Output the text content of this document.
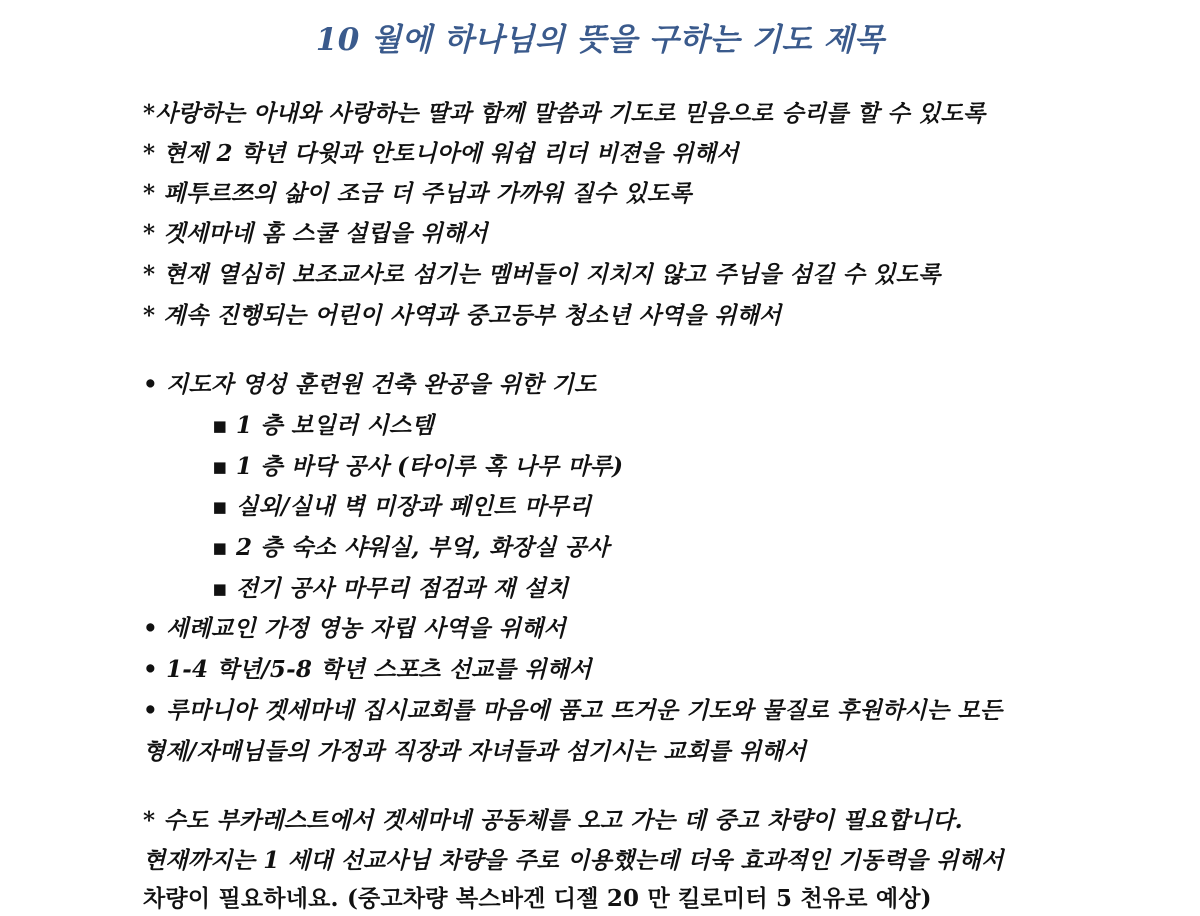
10 월에 하나님의 뜻을 구하는 기도 제목
*사랑하는 아내와 사랑하는 딸과 함께 말씀과 기도로 믿음으로 승리를 할 수 있도록
* 현제 2 학년 다윗과 안토니아에 워쉽 리더 비젼을 위해서
* 페투르쯔의 삶이 조금 더 주님과 가까워 질수 있도록
* 겟세마네 홈 스쿨 설립을 위해서
* 현재 열심히 보조교사로 섬기는 멤버들이 지치지 않고 주님을 섬길 수 있도록
* 계속 진행되는 어린이 사역과 중고등부 청소년 사역을 위해서
• 지도자 영성 훈련원 건축 완공을 위한 기도
▪ 1 층 보일러 시스템
▪ 1 층 바닥 공사 (타이루 혹 나무 마루)
▪ 실외/실내 벽 미장과 페인트 마무리
▪ 2 층 숙소 샤워실, 부엌, 화장실 공사
▪ 전기 공사 마무리 점검과 재 설치
• 세례교인 가정 영농 자립 사역을 위해서
• 1-4 학년/5-8 학년 스포츠 선교를 위해서
• 루마니아 겟세마네 집시교회를 마음에 품고 뜨거운 기도와 물질로 후원하시는 모든
형제/자매님들의 가정과 직장과 자녀들과 섬기시는 교회를 위해서
* 수도 부카레스트에서 겟세마네 공동체를 오고 가는 데 중고 차량이 필요합니다.
현재까지는 1 세대 선교사님 차량을 주로 이용했는데 더욱 효과적인 기동력을 위해서
차량이 필요하네요. (중고차량 복스바겐 디젤 20 만 킬로미터 5 천유로 예상)
